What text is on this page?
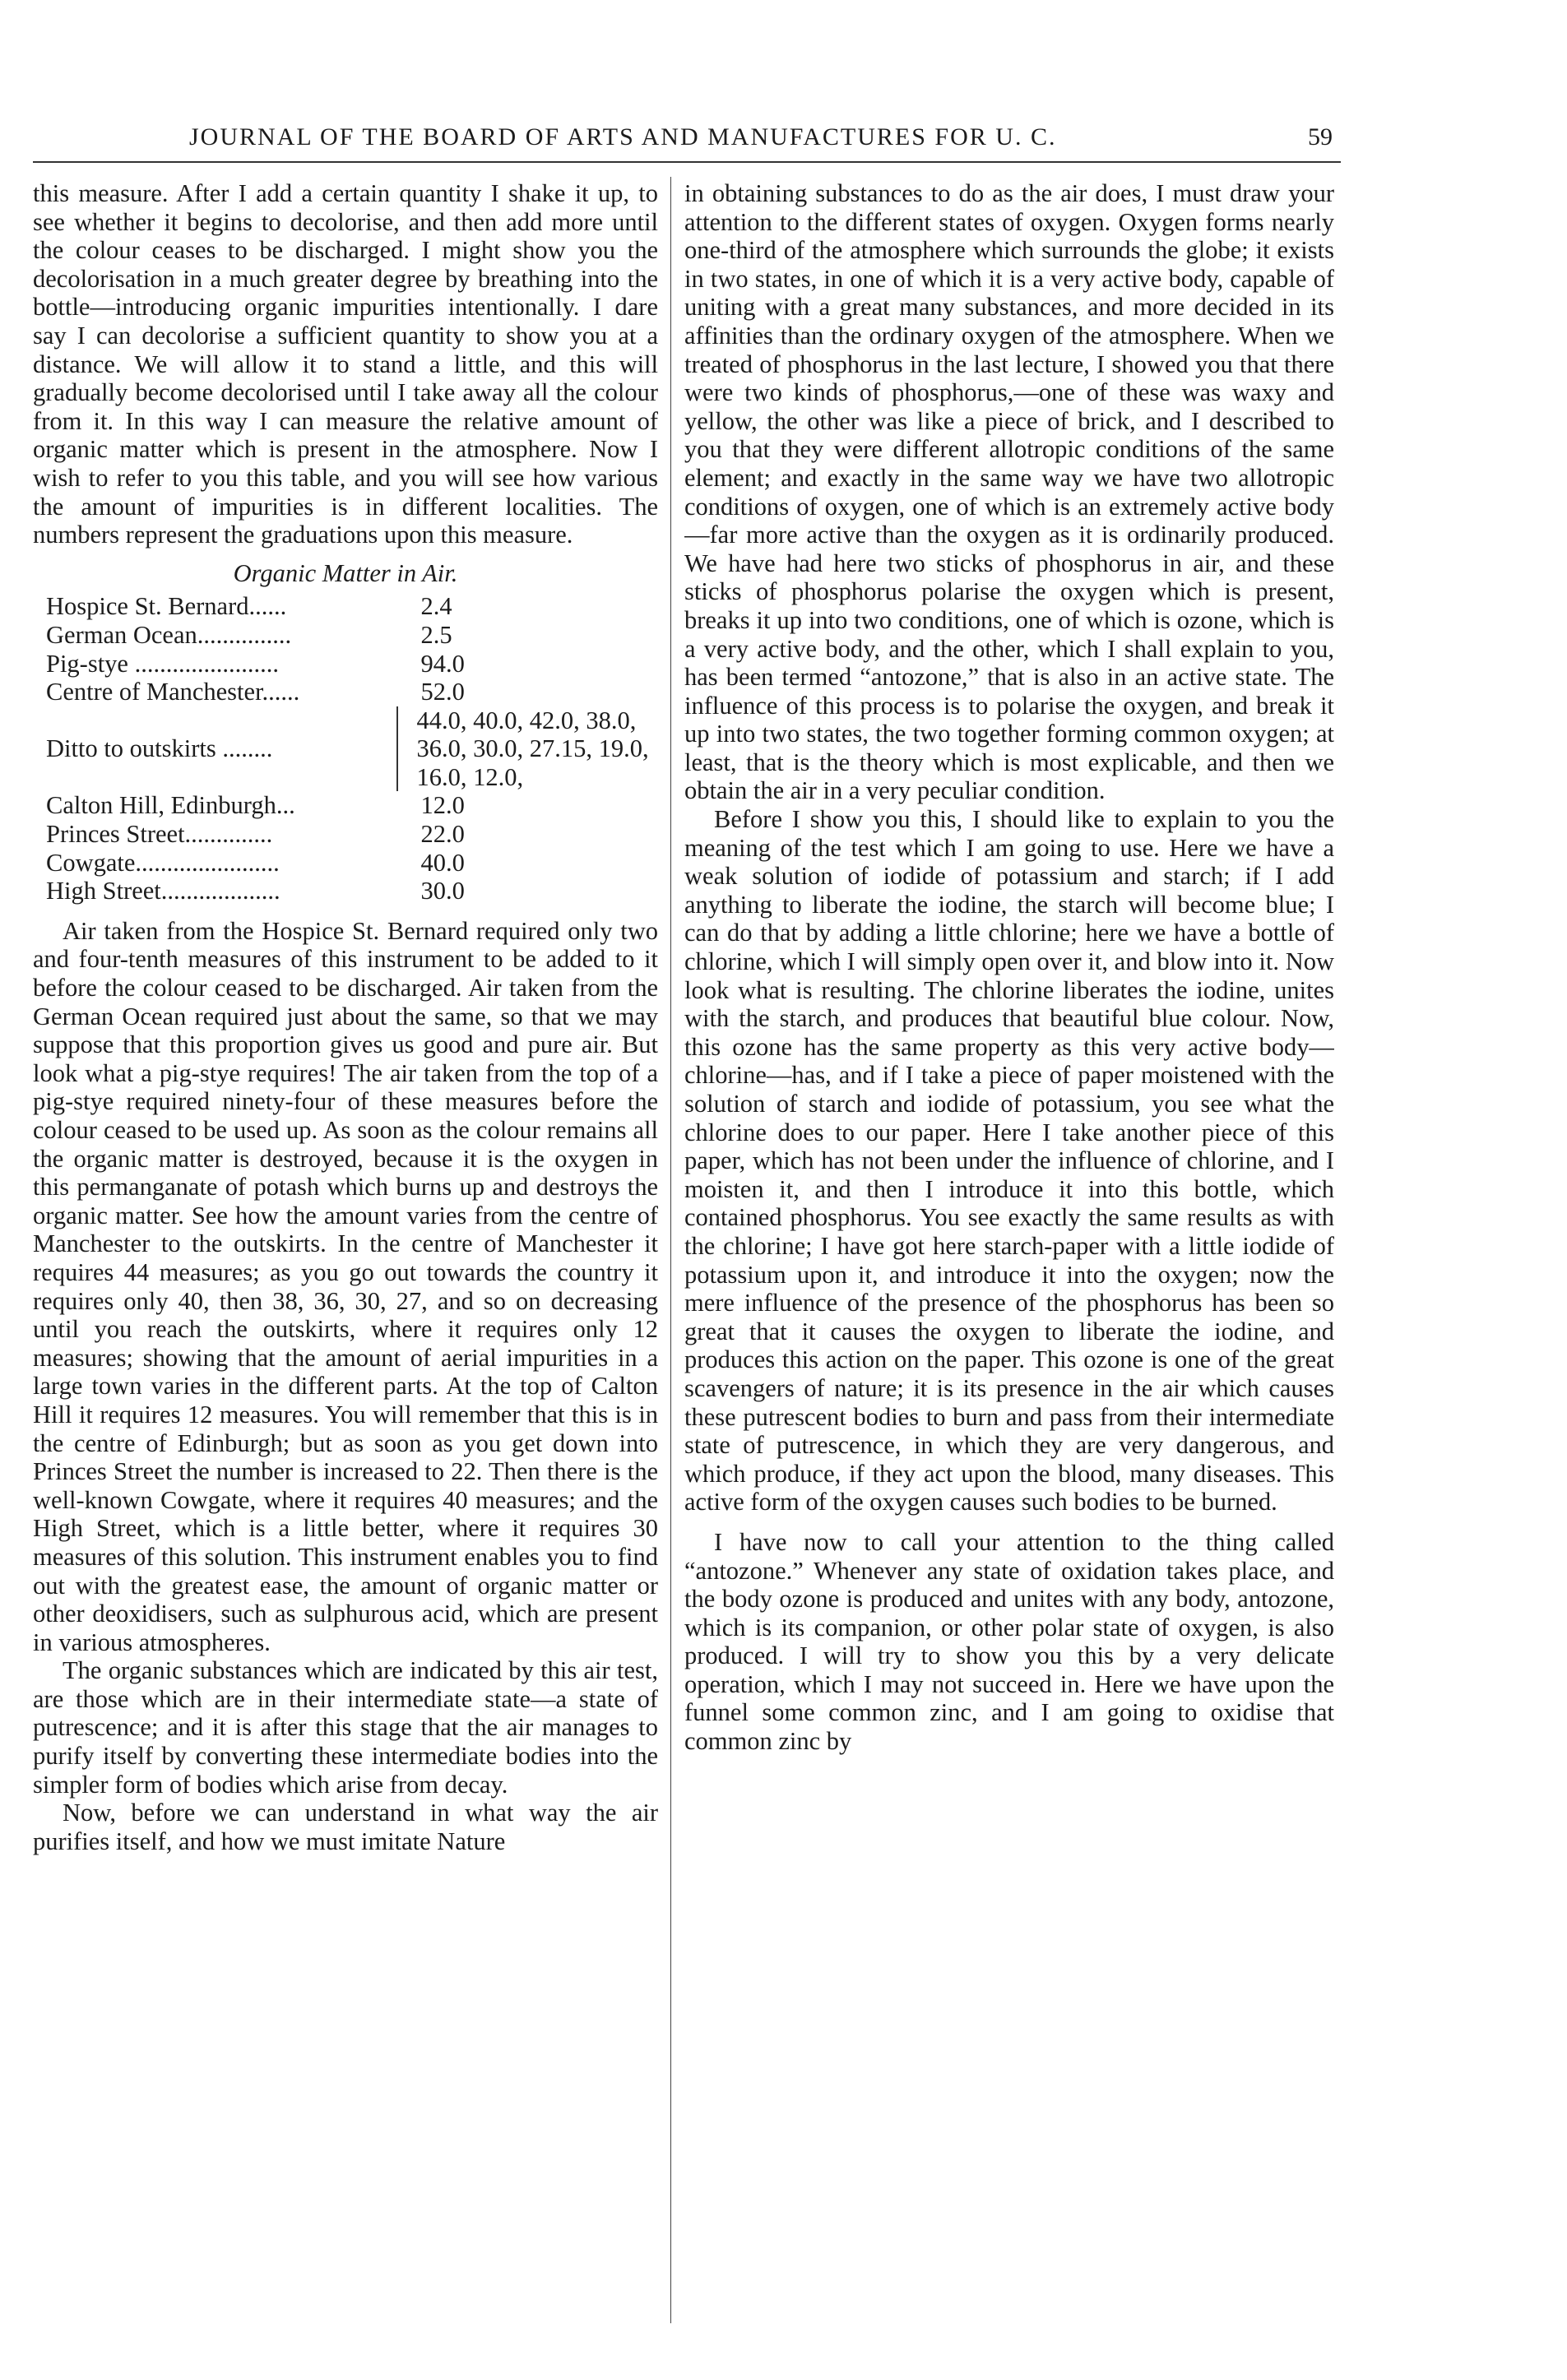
JOURNAL OF THE BOARD OF ARTS AND MANUFACTURES FOR U. C.	59

this measure. After I add a certain quantity I shake it up, to see whether it begins to decolorise, and then add more until the colour ceases to be discharged. I might show you the decolorisation in a much greater degree by breathing into the bottle—introducing organic impurities intentionally. I dare say I can decolorise a sufficient quantity to show you at a distance. We will allow it to stand a little, and this will gradually become decolorised until I take away all the colour from it. In this way I can measure the relative amount of organic matter which is present in the atmosphere. Now I wish to refer to you this table, and you will see how various the amount of impurities is in different localities. The numbers represent the graduations upon this measure.

Organic Matter in Air.
Hospice St. Bernard......	2.4
German Ocean...............	2.5
Pig-stye .......................	94.0
Centre of Manchester......	52.0
Ditto to outskirts ........	44.0, 40.0, 42.0, 38.0, 36.0, 30.0, 27.15, 19.0, 16.0, 12.0,
Calton Hill, Edinburgh...	12.0
Princes Street..............	22.0
Cowgate.......................	40.0
High Street...................	30.0

Air taken from the Hospice St. Bernard required only two and four-tenth measures of this instrument to be added to it before the colour ceased to be discharged. Air taken from the German Ocean required just about the same, so that we may suppose that this proportion gives us good and pure air. But look what a pig-stye requires! The air taken from the top of a pig-stye required ninety-four of these measures before the colour ceased to be used up. As soon as the colour remains all the organic matter is destroyed, because it is the oxygen in this permanganate of potash which burns up and destroys the organic matter. See how the amount varies from the centre of Manchester to the outskirts. In the centre of Manchester it requires 44 measures; as you go out towards the country it requires only 40, then 38, 36, 30, 27, and so on decreasing until you reach the outskirts, where it requires only 12 measures; showing that the amount of aerial impurities in a large town varies in the different parts. At the top of Calton Hill it requires 12 measures. You will remember that this is in the centre of Edinburgh; but as soon as you get down into Princes Street the number is increased to 22. Then there is the well-known Cowgate, where it requires 40 measures; and the High Street, which is a little better, where it requires 30 measures of this solution. This instrument enables you to find out with the greatest ease, the amount of organic matter or other deoxidisers, such as sulphurous acid, which are present in various atmospheres.

The organic substances which are indicated by this air test, are those which are in their intermediate state—a state of putrescence; and it is after this stage that the air manages to purify itself by converting these intermediate bodies into the simpler form of bodies which arise from decay.

Now, before we can understand in what way the air purifies itself, and how we must imitate Nature

in obtaining substances to do as the air does, I must draw your attention to the different states of oxygen. Oxygen forms nearly one-third of the atmosphere which surrounds the globe; it exists in two states, in one of which it is a very active body, capable of uniting with a great many substances, and more decided in its affinities than the ordinary oxygen of the atmosphere. When we treated of phosphorus in the last lecture, I showed you that there were two kinds of phosphorus,—one of these was waxy and yellow, the other was like a piece of brick, and I described to you that they were different allotropic conditions of the same element; and exactly in the same way we have two allotropic conditions of oxygen, one of which is an extremely active body—far more active than the oxygen as it is ordinarily produced. We have had here two sticks of phosphorus in air, and these sticks of phosphorus polarise the oxygen which is present, breaks it up into two conditions, one of which is ozone, which is a very active body, and the other, which I shall explain to you, has been termed “antozone,” that is also in an active state. The influence of this process is to polarise the oxygen, and break it up into two states, the two together forming common oxygen; at least, that is the theory which is most explicable, and then we obtain the air in a very peculiar condition.

Before I show you this, I should like to explain to you the meaning of the test which I am going to use. Here we have a weak solution of iodide of potassium and starch; if I add anything to liberate the iodine, the starch will become blue; I can do that by adding a little chlorine; here we have a bottle of chlorine, which I will simply open over it, and blow into it. Now look what is resulting. The chlorine liberates the iodine, unites with the starch, and produces that beautiful blue colour. Now, this ozone has the same property as this very active body—chlorine—has, and if I take a piece of paper moistened with the solution of starch and iodide of potassium, you see what the chlorine does to our paper. Here I take another piece of this paper, which has not been under the influence of chlorine, and I moisten it, and then I introduce it into this bottle, which contained phosphorus. You see exactly the same results as with the chlorine; I have got here starch-paper with a little iodide of potassium upon it, and introduce it into the oxygen; now the mere influence of the presence of the phosphorus has been so great that it causes the oxygen to liberate the iodine, and produces this action on the paper. This ozone is one of the great scavengers of nature; it is its presence in the air which causes these putrescent bodies to burn and pass from their intermediate state of putrescence, in which they are very dangerous, and which produce, if they act upon the blood, many diseases. This active form of the oxygen causes such bodies to be burned.

I have now to call your attention to the thing called “antozone.” Whenever any state of oxidation takes place, and the body ozone is produced and unites with any body, antozone, which is its companion, or other polar state of oxygen, is also produced. I will try to show you this by a very delicate operation, which I may not succeed in. Here we have upon the funnel some common zinc, and I am going to oxidise that common zinc by
